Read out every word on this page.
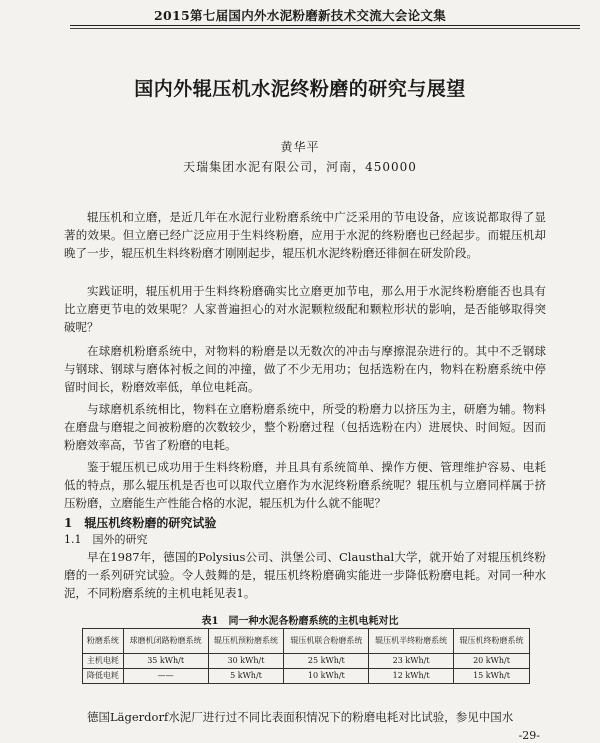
2015第七届国内外水泥粉磨新技术交流大会论文集
国内外辊压机水泥终粉磨的研究与展望
黄华平
天瑞集团水泥有限公司，河南，450000

辊压机和立磨，是近几年在水泥行业粉磨系统中广泛采用的节电设备，应该说都取得了显著的效果。但立磨已经广泛应用于生料终粉磨，应用于水泥的终粉磨也已经起步。而辊压机却晚了一步，辊压机生料终粉磨才刚刚起步，辊压机水泥终粉磨还徘徊在研发阶段。

实践证明，辊压机用于生料终粉磨确实比立磨更加节电，那么用于水泥终粉磨能否也具有比立磨更节电的效果呢？人家普遍担心的对水泥颗粒级配和颗粒形状的影响，是否能够取得突破呢？

在球磨机粉磨系统中，对物料的粉磨是以无数次的冲击与摩擦混杂进行的。其中不乏钢球与钢球、钢球与磨体衬板之间的冲撞，做了不少无用功；包括选粉在内，物料在粉磨系统中停留时间长，粉磨效率低，单位电耗高。

与球磨机系统相比，物料在立磨粉磨系统中，所受的粉磨力以挤压为主，研磨为辅。物料在磨盘与磨辊之间被粉磨的次数较少，整个粉磨过程（包括选粉在内）进展快、时间短。因而粉磨效率高，节省了粉磨的电耗。

鉴于辊压机已成功用于生料终粉磨，并且具有系统简单、操作方便、管理维护容易、电耗低的特点，那么辊压机是否也可以取代立磨作为水泥终粉磨系统呢？辊压机与立磨同样属于挤压粉磨，立磨能生产性能合格的水泥，辊压机为什么就不能呢？

1　辊压机终粉磨的研究试验
1.1　国外的研究

早在1987年，德国的Polysius公司、洪堡公司、Clausthal大学，就开始了对辊压机终粉磨的一系列研究试验。令人鼓舞的是，辊压机终粉磨确实能进一步降低粉磨电耗。对同一种水泥，不同粉磨系统的主机电耗见表1。

表1　同一种水泥各粉磨系统的主机电耗对比
粉磨系统	球磨机闭路粉磨系统	辊压机预粉磨系统	辊压机联合粉磨系统	辊压机半终粉磨系统	辊压机终粉磨系统
主机电耗	35 kWh/t	30 kWh/t	25 kWh/t	23 kWh/t	20 kWh/t
降低电耗	——	5 kWh/t	10 kWh/t	12 kWh/t	15 kWh/t

德国Lägerdorf水泥厂进行过不同比表面积情况下的粉磨电耗对比试验，参见中国水

-29-
